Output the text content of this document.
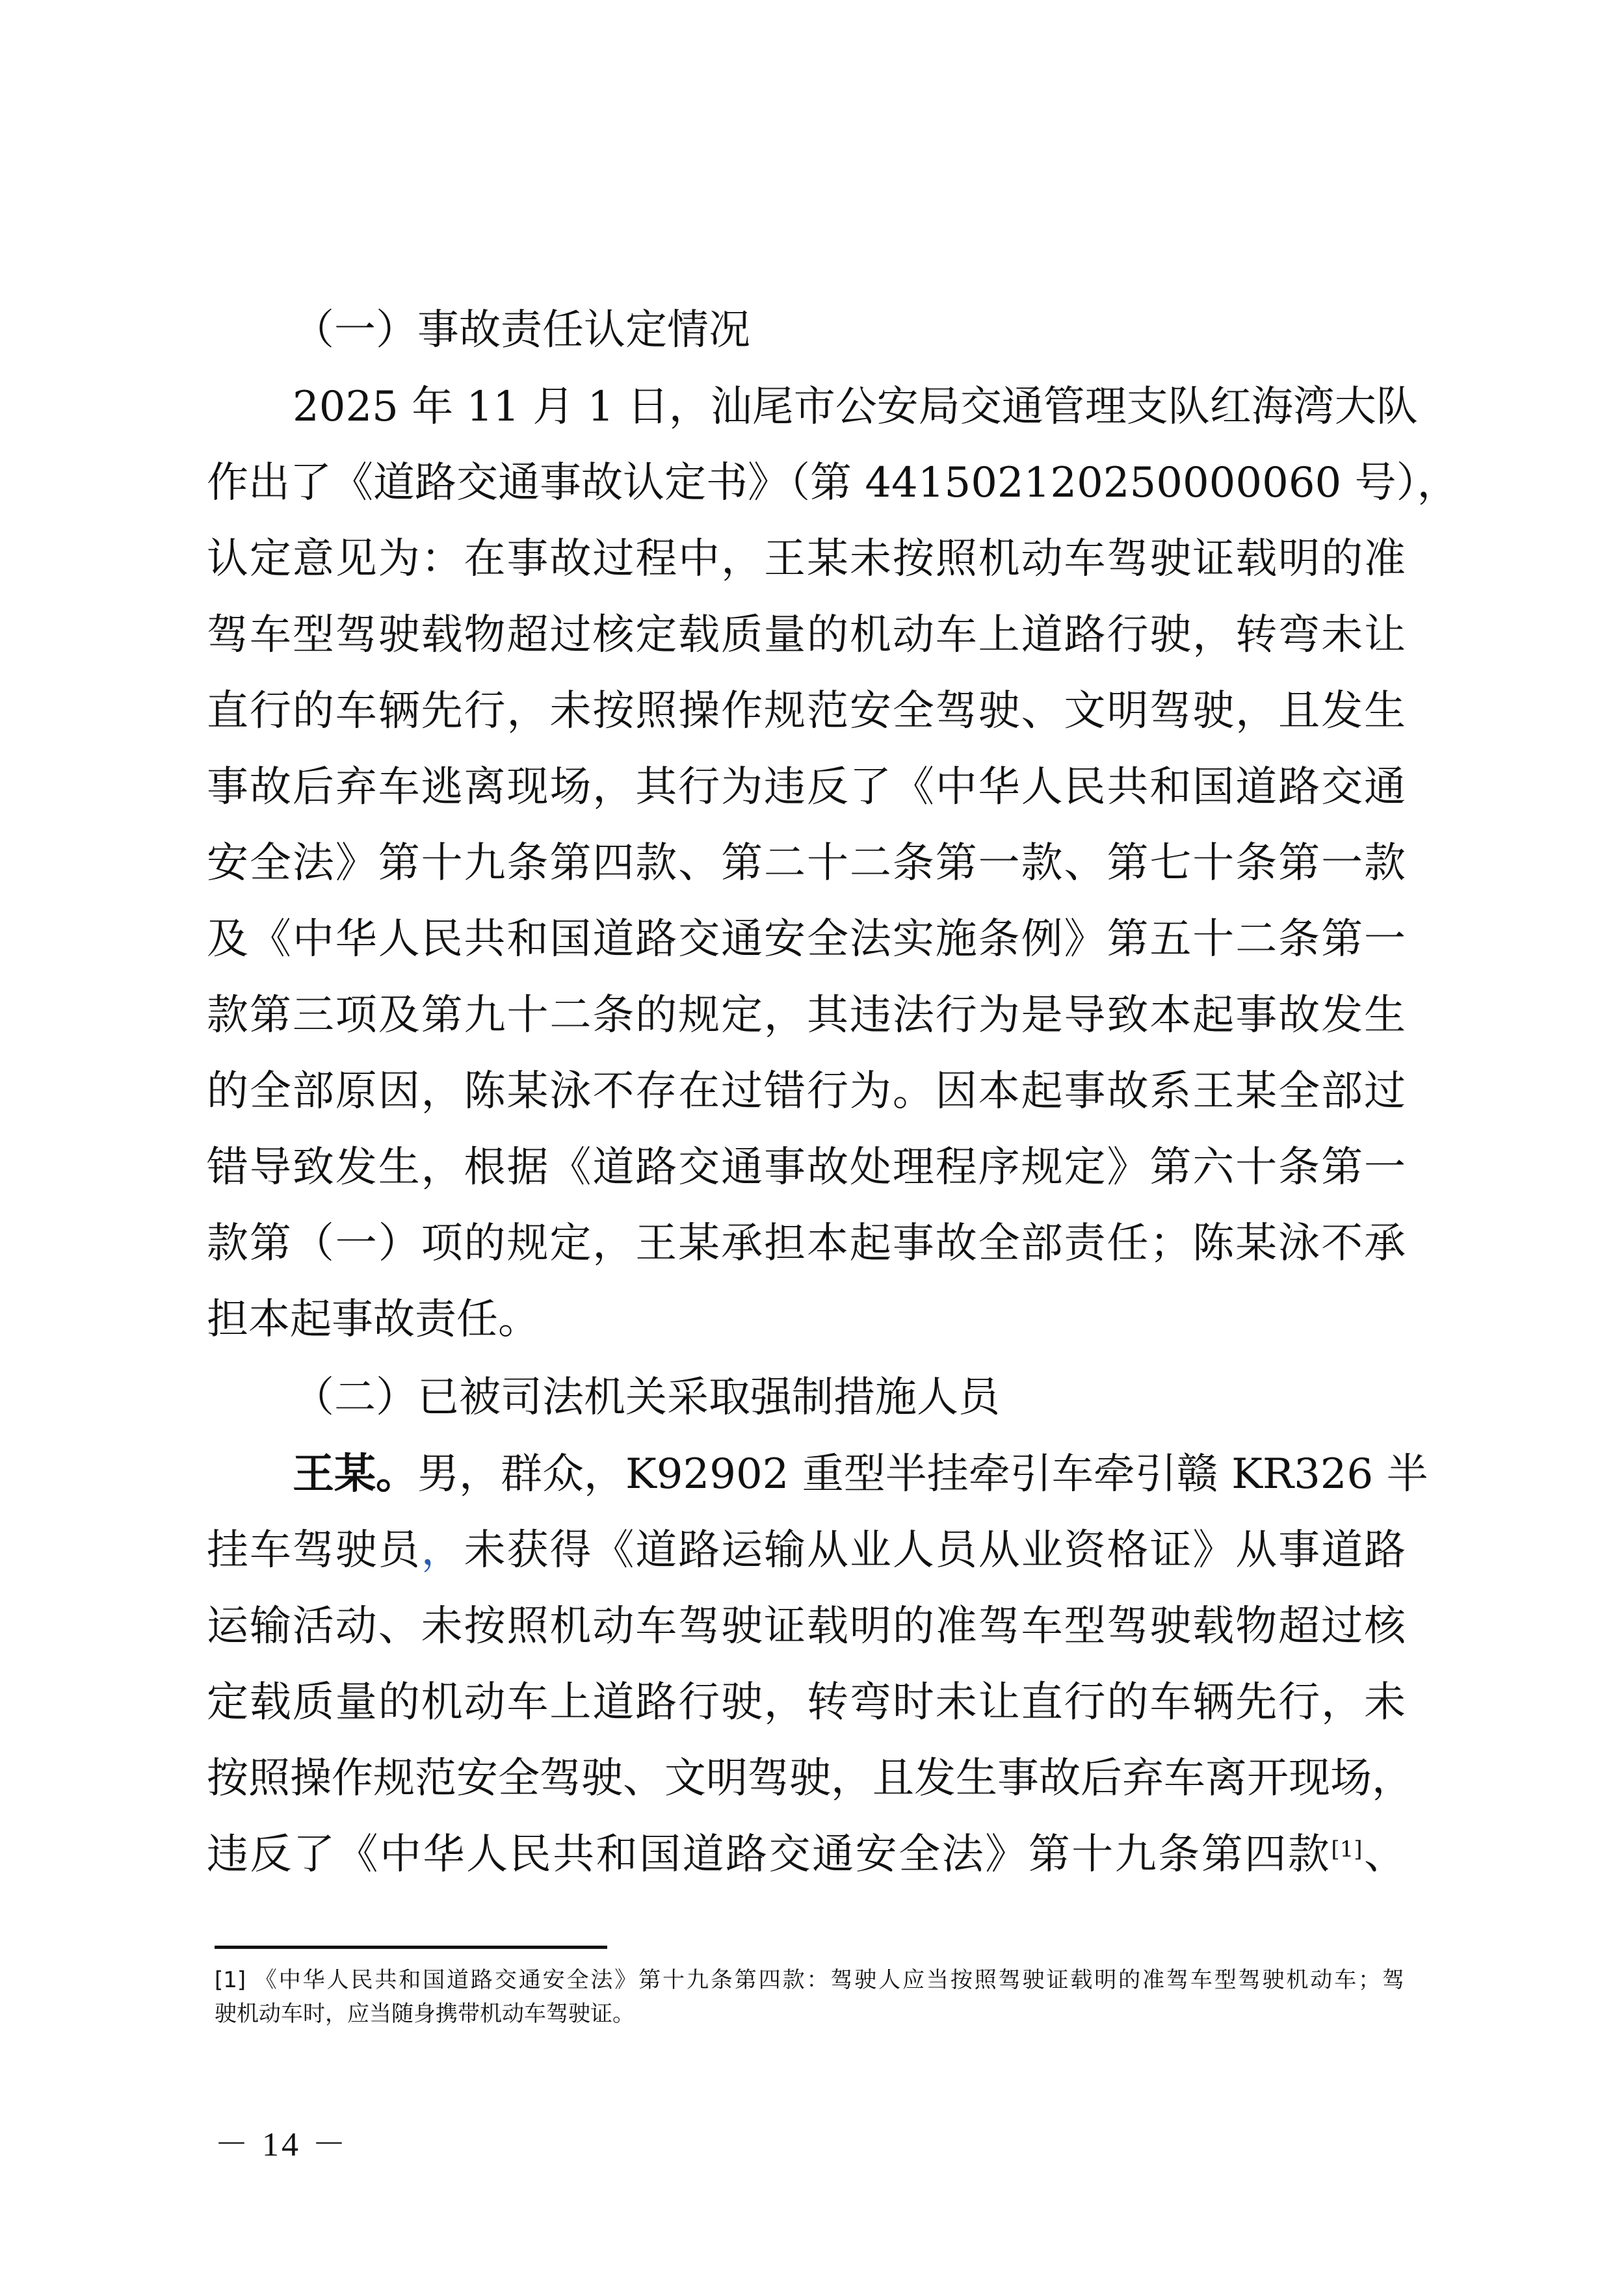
（一）事故责任认定情况
2025 年 11 月 1 日，汕尾市公安局交通管理支队红海湾大队
作出了《道路交通事故认定书》（第 441502120250000060 号），
认定意见为：在事故过程中，王某未按照机动车驾驶证载明的准
驾车型驾驶载物超过核定载质量的机动车上道路行驶，转弯未让
直行的车辆先行，未按照操作规范安全驾驶、文明驾驶，且发生
事故后弃车逃离现场，其行为违反了《中华人民共和国道路交通
安全法》第十九条第四款、第二十二条第一款、第七十条第一款
及《中华人民共和国道路交通安全法实施条例》第五十二条第一
款第三项及第九十二条的规定，其违法行为是导致本起事故发生
的全部原因，陈某泳不存在过错行为。因本起事故系王某全部过
错导致发生，根据《道路交通事故处理程序规定》第六十条第一
款第（一）项的规定，王某承担本起事故全部责任；陈某泳不承
担本起事故责任。
（二）已被司法机关采取强制措施人员
王某。男，群众，K92902 重型半挂牵引车牵引赣 KR326 半
挂车驾驶员，未获得《道路运输从业人员从业资格证》从事道路
运输活动、未按照机动车驾驶证载明的准驾车型驾驶载物超过核
定载质量的机动车上道路行驶，转弯时未让直行的车辆先行，未
按照操作规范安全驾驶、文明驾驶，且发生事故后弃车离开现场，
违反了《中华人民共和国道路交通安全法》第十九条第四款[1]、
[1] 《中华人民共和国道路交通安全法》第十九条第四款：驾驶人应当按照驾驶证载明的准驾车型驾驶机动车；驾
驶机动车时，应当随身携带机动车驾驶证。
－ 14 －
